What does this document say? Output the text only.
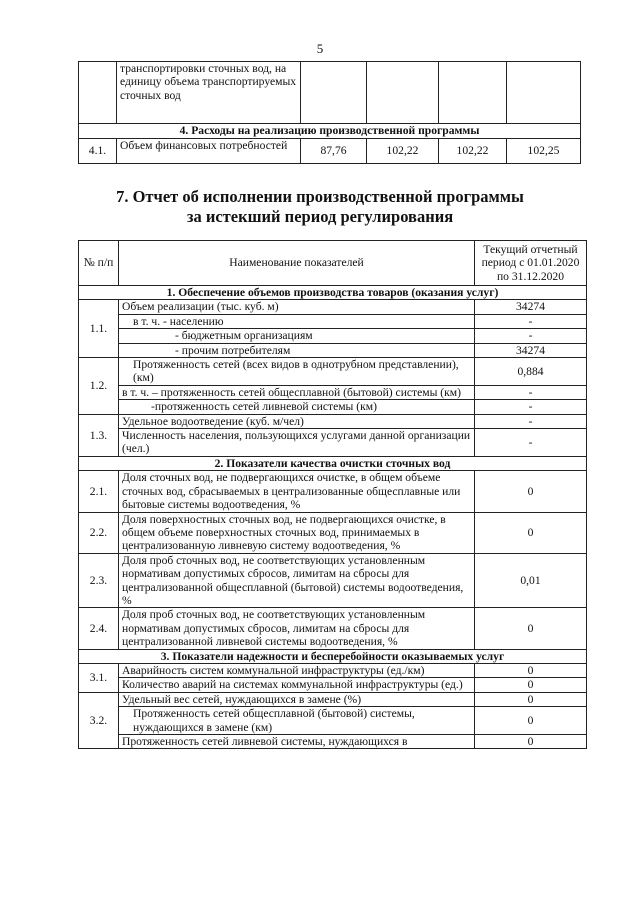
5
	транспортировки сточных вод, на единицу объема транспортируемых сточных вод				
4. Расходы на реализацию производственной программы					
4.1.	Объем финансовых потребностей	87,76	102,22	102,22	102,25
7. Отчет об исполнении производственной программы
за истекший период регулирования
№ п/п	Наименование показателей	Текущий отчетный период с 01.01.2020 по 31.12.2020
1. Обеспечение объемов производства товаров (оказания услуг)		
1.1.	Объем реализации (тыс. куб. м)	34274
	в т. ч. - населению	-
	- бюджетным организациям	-
	- прочим потребителям	34274
1.2.	Протяженность сетей (всех видов в однотрубном представлении), (км)	0,884
	в т. ч. – протяженность сетей общесплавной (бытовой) системы (км)	-
	-протяженность сетей ливневой системы (км)	-
1.3.	Удельное водоотведение (куб. м/чел)	-
	Численность населения, пользующихся услугами данной организации (чел.)	-
2. Показатели качества очистки сточных вод		
2.1.	Доля сточных вод, не подвергающихся очистке, в общем объеме сточных вод, сбрасываемых в централизованные общесплавные или бытовые системы водоотведения, %	0
2.2.	Доля поверхностных сточных вод, не подвергающихся очистке, в общем объеме поверхностных сточных вод, принимаемых в централизованную ливневую систему водоотведения, %	0
2.3.	Доля проб сточных вод, не соответствующих установленным нормативам допустимых сбросов, лимитам на сбросы для централизованной общесплавной (бытовой) системы водоотведения, %	0,01
2.4.	Доля проб сточных вод, не соответствующих установленным нормативам допустимых сбросов, лимитам на сбросы для централизованной ливневой системы водоотведения, %	0
3. Показатели надежности и бесперебойности оказываемых услуг		
3.1.	Аварийность систем коммунальной инфраструктуры (ед./км)	0
	Количество аварий на системах коммунальной инфраструктуры (ед.)	0
3.2.	Удельный вес сетей, нуждающихся в замене (%)	0
	Протяженность сетей общесплавной (бытовой) системы, нуждающихся в замене (км)	0
	Протяженность сетей ливневой системы, нуждающихся в	0
